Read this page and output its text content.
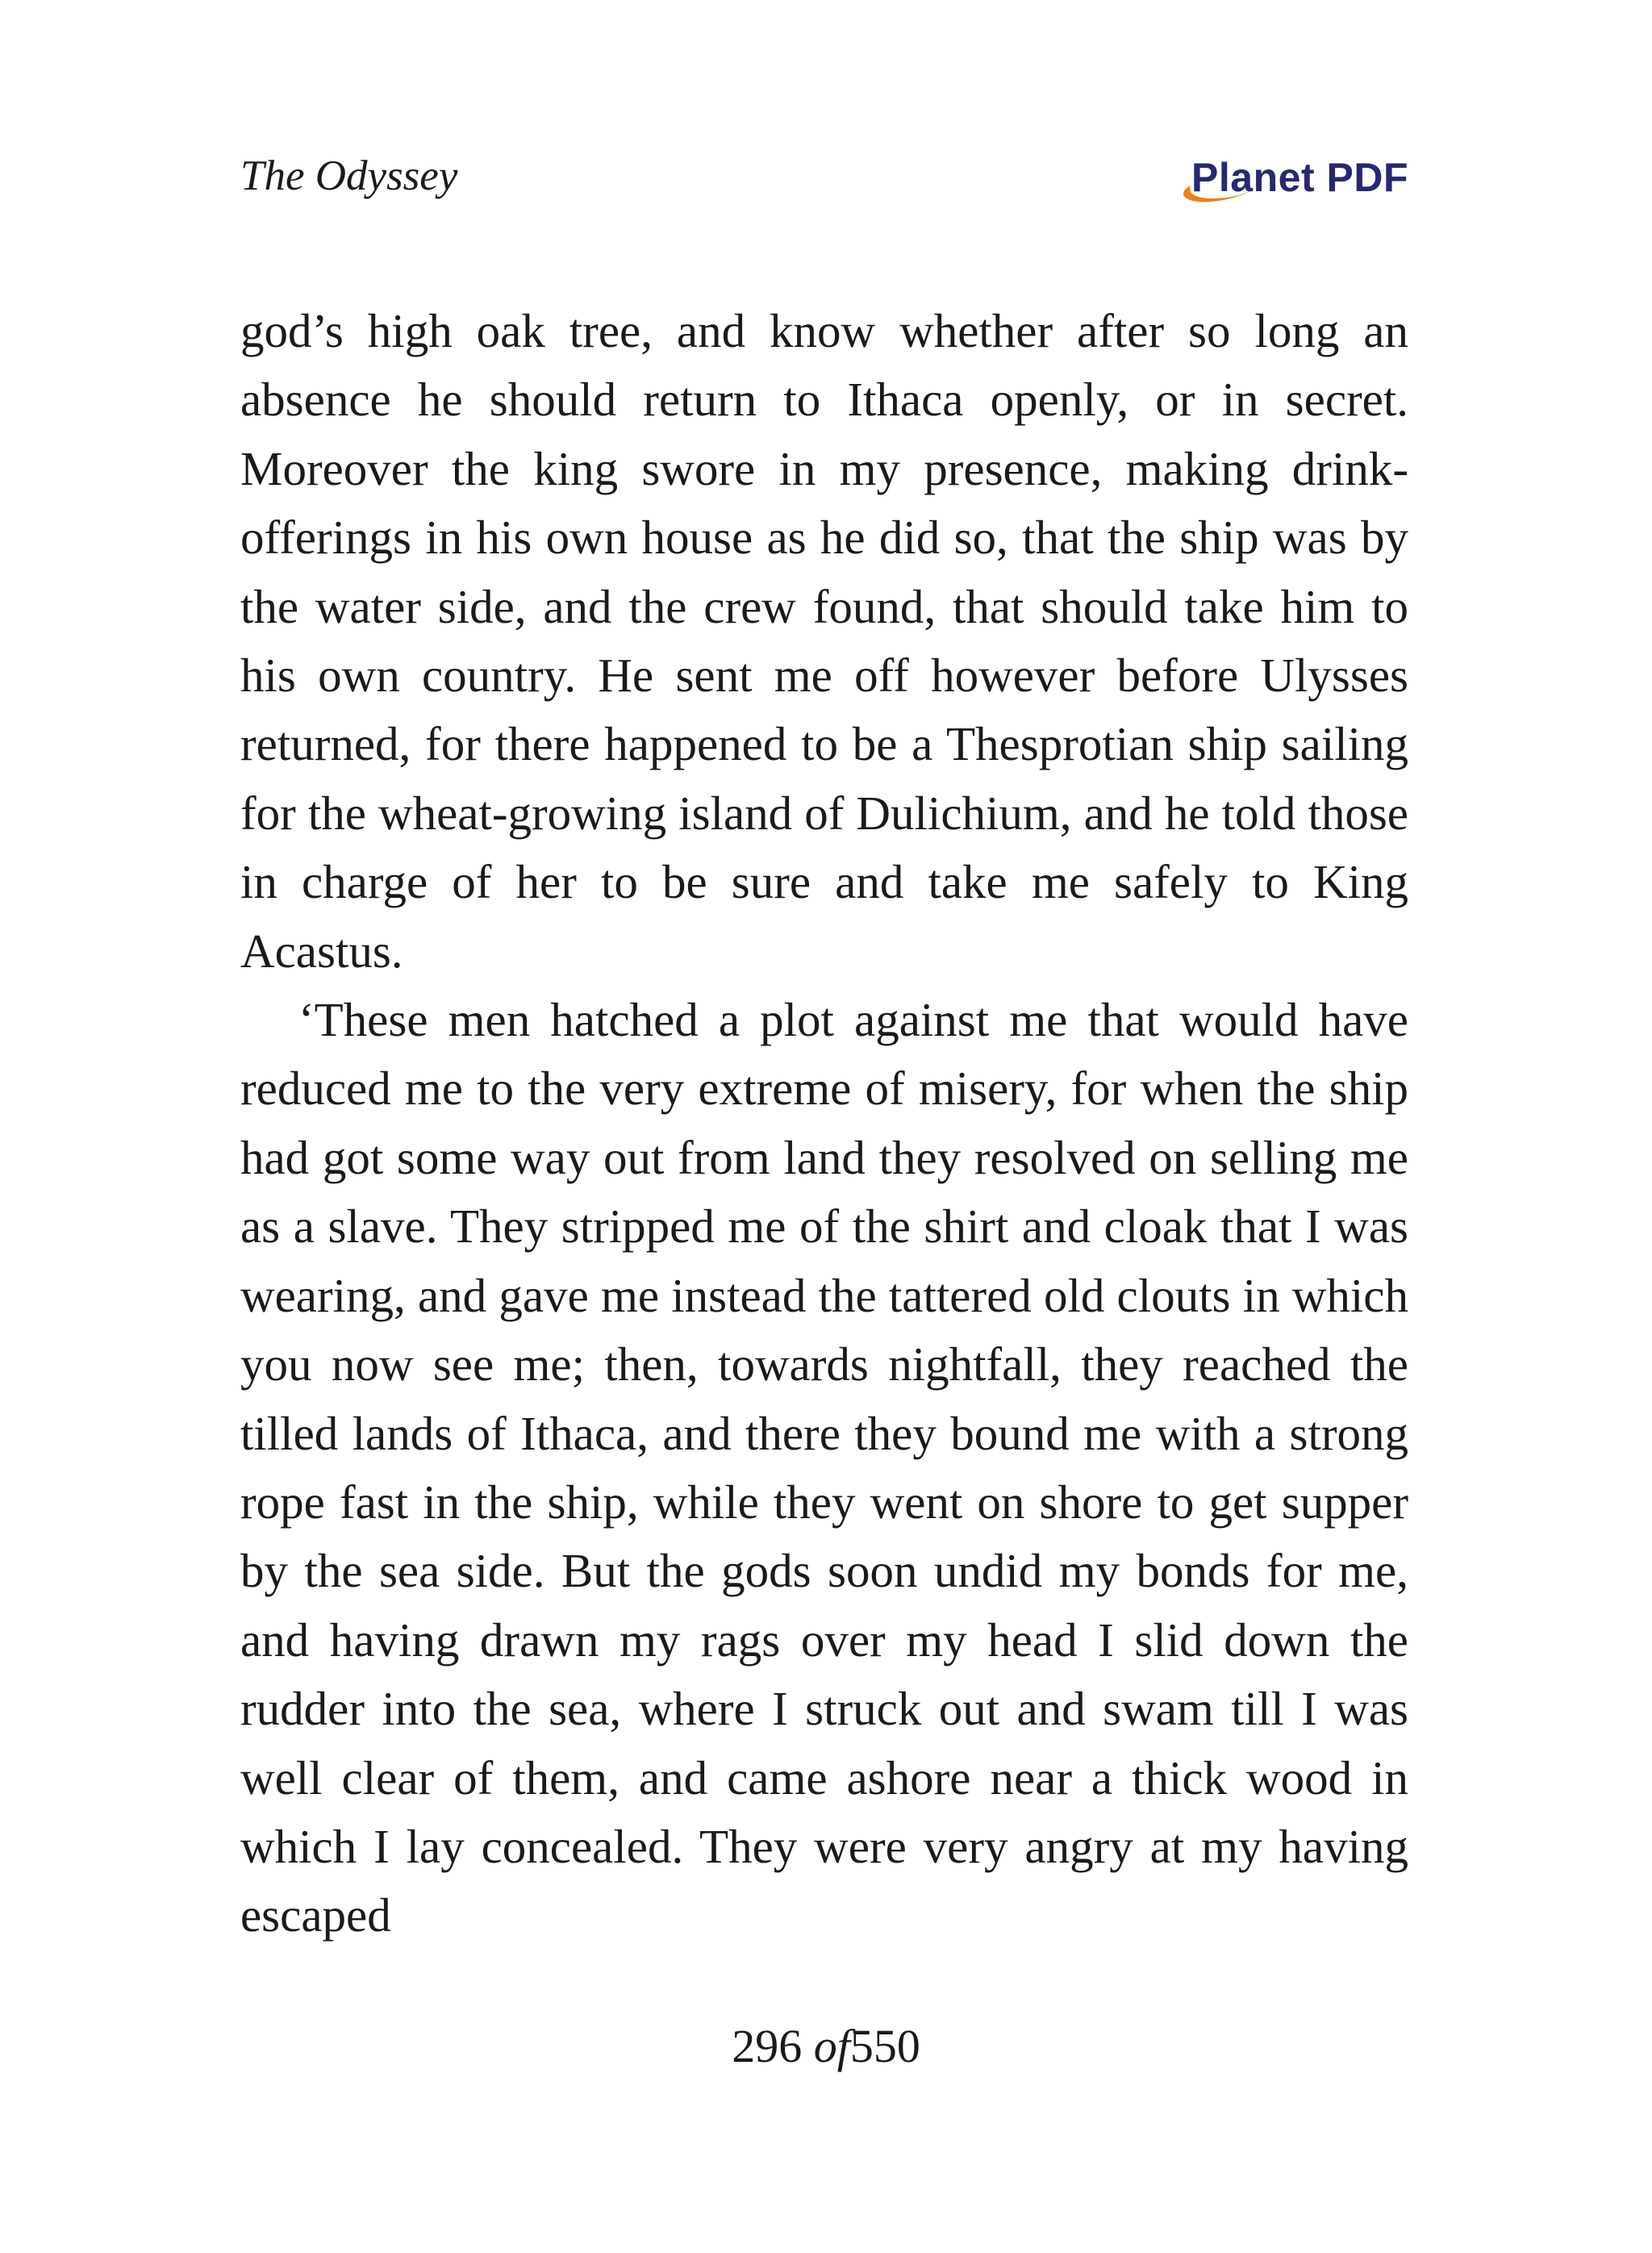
The Odyssey	Planet PDF

god’s high oak tree, and know whether after so long an absence he should return to Ithaca openly, or in secret. Moreover the king swore in my presence, making drink-offerings in his own house as he did so, that the ship was by the water side, and the crew found, that should take him to his own country. He sent me off however before Ulysses returned, for there happened to be a Thesprotian ship sailing for the wheat-growing island of Dulichium, and he told those in charge of her to be sure and take me safely to King Acastus.

‘These men hatched a plot against me that would have reduced me to the very extreme of misery, for when the ship had got some way out from land they resolved on selling me as a slave. They stripped me of the shirt and cloak that I was wearing, and gave me instead the tattered old clouts in which you now see me; then, towards nightfall, they reached the tilled lands of Ithaca, and there they bound me with a strong rope fast in the ship, while they went on shore to get supper by the sea side. But the gods soon undid my bonds for me, and having drawn my rags over my head I slid down the rudder into the sea, where I struck out and swam till I was well clear of them, and came ashore near a thick wood in which I lay concealed. They were very angry at my having escaped

296 of550
